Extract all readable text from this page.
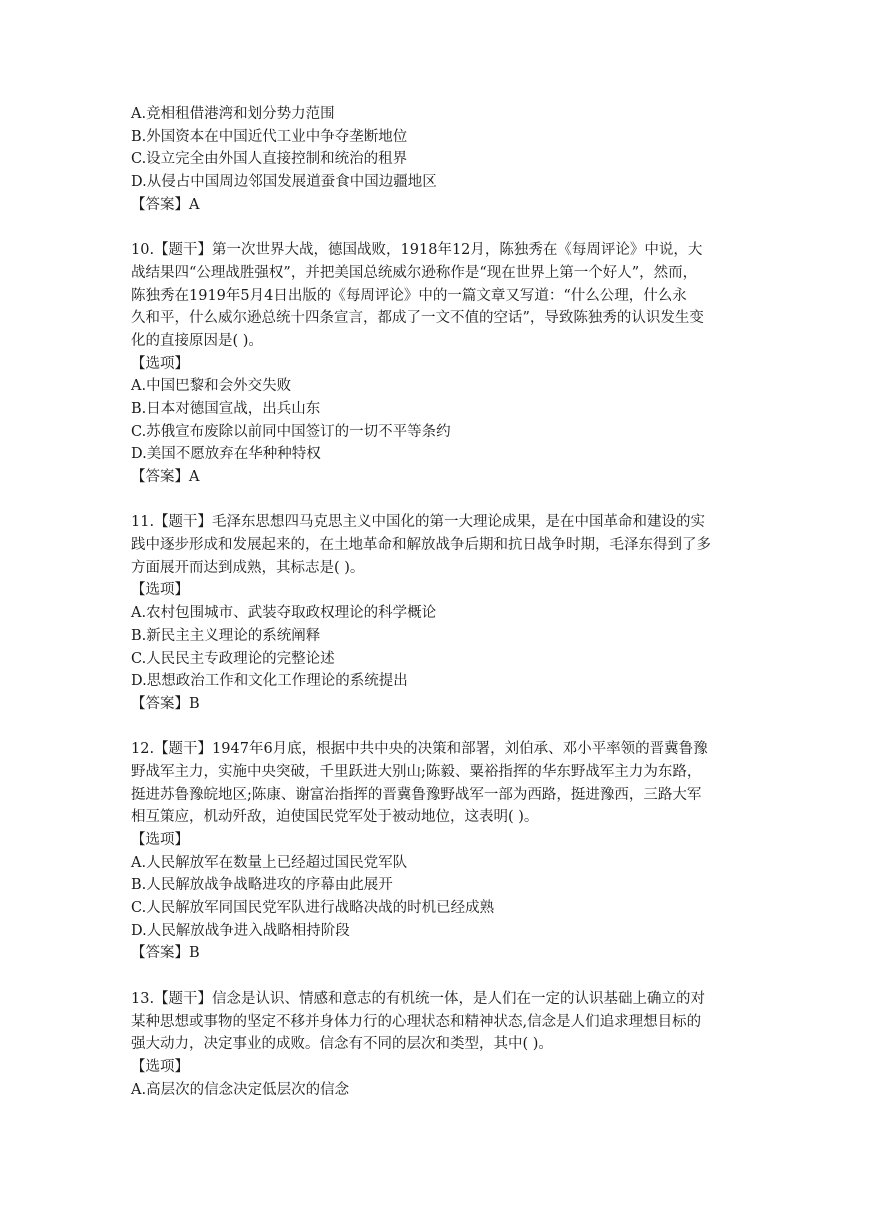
A.竞相租借港湾和划分势力范围
B.外国资本在中国近代工业中争夺垄断地位
C.设立完全由外国人直接控制和统治的租界
D.从侵占中国周边邻国发展道蚕食中国边疆地区
【答案】A
10.【题干】第一次世界大战，德国战败，1918年12月，陈独秀在《每周评论》中说，大
战结果四“公理战胜强权”，并把美国总统威尔逊称作是“现在世界上第一个好人”，然而，
陈独秀在1919年5月4日出版的《每周评论》中的一篇文章又写道：“什么公理，什么永
久和平，什么威尔逊总统十四条宣言，都成了一文不值的空话”，导致陈独秀的认识发生变
化的直接原因是( )。
【选项】
A.中国巴黎和会外交失败
B.日本对德国宣战，出兵山东
C.苏俄宣布废除以前同中国签订的一切不平等条约
D.美国不愿放弃在华种种特权
【答案】A
11.【题干】毛泽东思想四马克思主义中国化的第一大理论成果，是在中国革命和建设的实
践中逐步形成和发展起来的，在土地革命和解放战争后期和抗日战争时期，毛泽东得到了多
方面展开而达到成熟，其标志是( )。
【选项】
A.农村包围城市、武装夺取政权理论的科学概论
B.新民主主义理论的系统阐释
C.人民民主专政理论的完整论述
D.思想政治工作和文化工作理论的系统提出
【答案】B
12.【题干】1947年6月底，根据中共中央的决策和部署，刘伯承、邓小平率领的晋冀鲁豫
野战军主力，实施中央突破，千里跃进大别山;陈毅、粟裕指挥的华东野战军主力为东路，
挺进苏鲁豫皖地区;陈康、谢富治指挥的晋冀鲁豫野战军一部为西路，挺进豫西，三路大军
相互策应，机动歼敌，迫使国民党军处于被动地位，这表明( )。
【选项】
A.人民解放军在数量上已经超过国民党军队
B.人民解放战争战略进攻的序幕由此展开
C.人民解放军同国民党军队进行战略决战的时机已经成熟
D.人民解放战争进入战略相持阶段
【答案】B
13.【题干】信念是认识、情感和意志的有机统一体，是人们在一定的认识基础上确立的对
某种思想或事物的坚定不移并身体力行的心理状态和精神状态,信念是人们追求理想目标的
强大动力，决定事业的成败。信念有不同的层次和类型，其中( )。
【选项】
A.高层次的信念决定低层次的信念
